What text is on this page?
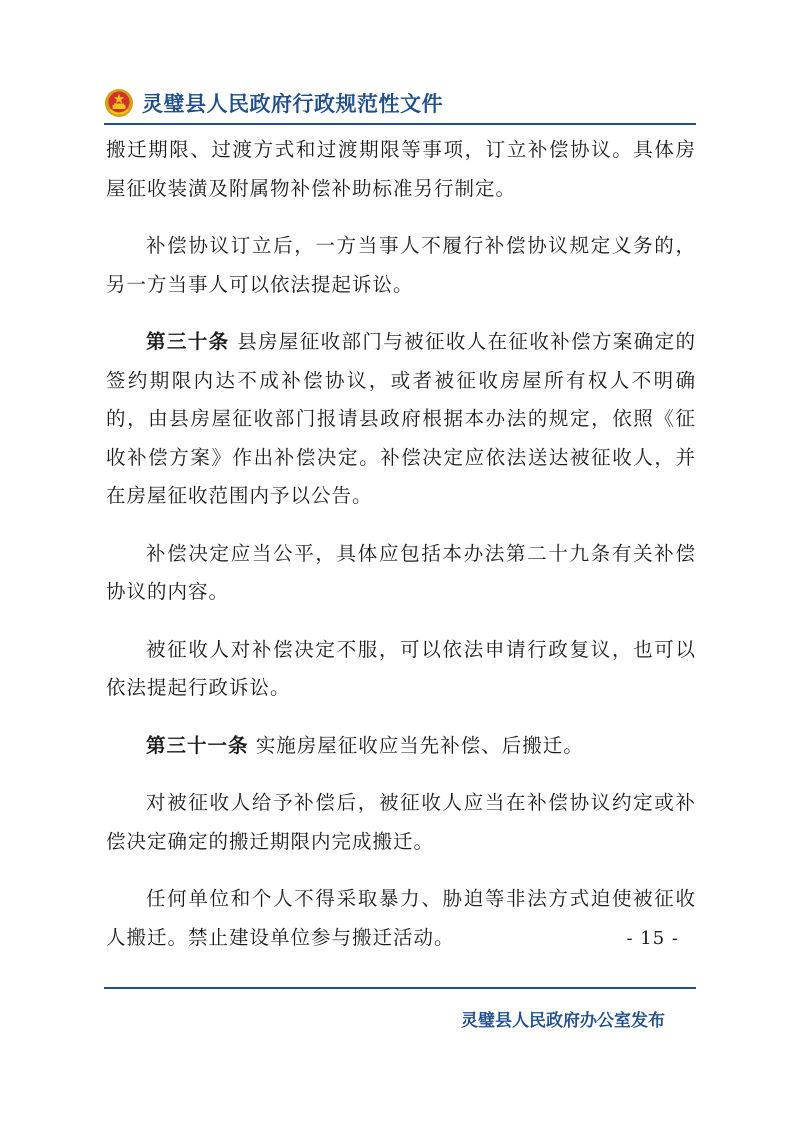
灵璧县人民政府行政规范性文件

搬迁期限、过渡方式和过渡期限等事项，订立补偿协议。具体房屋征收装潢及附属物补偿补助标准另行制定。

补偿协议订立后，一方当事人不履行补偿协议规定义务的，另一方当事人可以依法提起诉讼。

第三十条 县房屋征收部门与被征收人在征收补偿方案确定的签约期限内达不成补偿协议，或者被征收房屋所有权人不明确的，由县房屋征收部门报请县政府根据本办法的规定，依照《征收补偿方案》作出补偿决定。补偿决定应依法送达被征收人，并在房屋征收范围内予以公告。

补偿决定应当公平，具体应包括本办法第二十九条有关补偿协议的内容。

被征收人对补偿决定不服，可以依法申请行政复议，也可以依法提起行政诉讼。

第三十一条 实施房屋征收应当先补偿、后搬迁。

对被征收人给予补偿后，被征收人应当在补偿协议约定或补偿决定确定的搬迁期限内完成搬迁。

任何单位和个人不得采取暴力、胁迫等非法方式迫使被征收人搬迁。禁止建设单位参与搬迁活动。	- 15 -
灵璧县人民政府办公室发布
